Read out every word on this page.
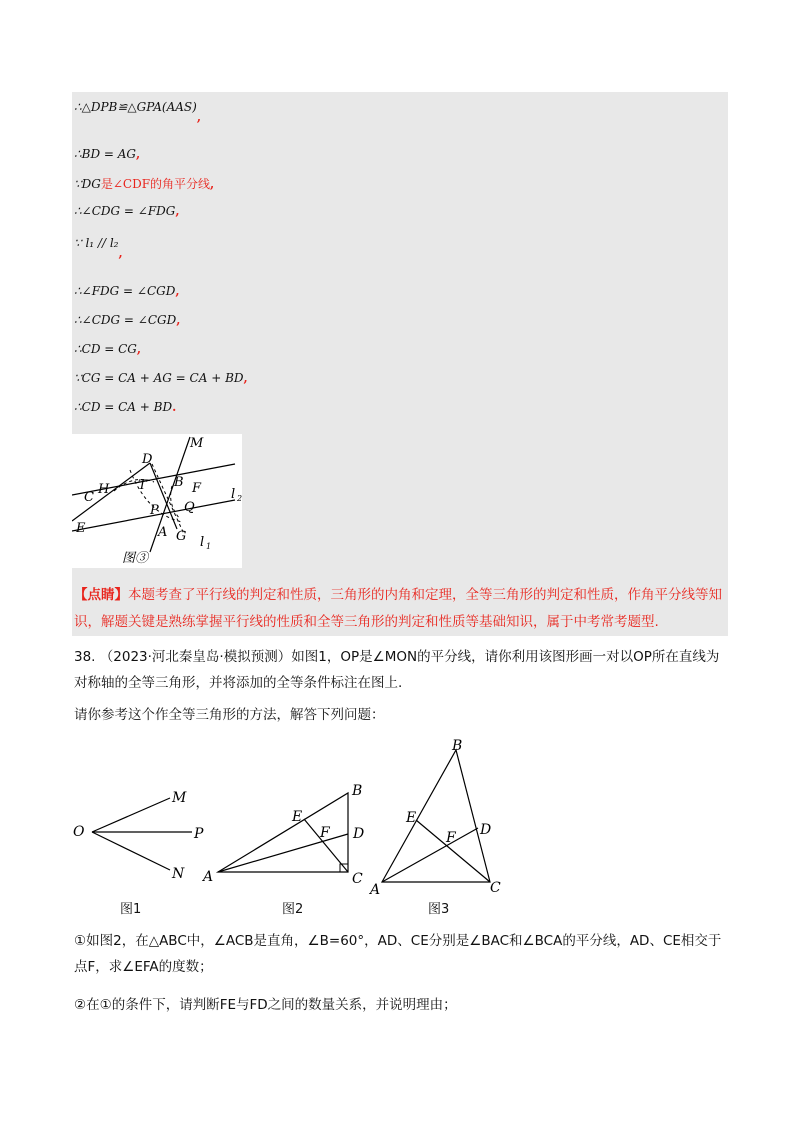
∴△DPB≌△GPA(AAS),
∴BD = AG,
∵DG是∠CDF的角平分线,
∴∠CDG = ∠FDG,
∵ l₁ // l₂,
∴∠FDG = ∠CGD,
∴∠CDG = ∠CGD,
∴CD = CG,
∵CG = CA + AG = CA + BD,
∴CD = CA + BD.
M
D
T B F
H
C
P Q
E	A G l 1
l 2
图③
【点睛】本题考查了平行线的判定和性质，三角形的内角和定理，全等三角形的判定和性质，作角平分线等知识，解题关键是熟练掌握平行线的性质和全等三角形的判定和性质等基础知识，属于中考常考题型.
38. （2023·河北秦皇岛·模拟预测）如图1，OP是∠MON的平分线，请你利用该图形画一对以OP所在直线为对称轴的全等三角形，并将添加的全等条件标注在图上.
请你参考这个作全等三角形的方法，解答下列问题：
O
M
P
N
图1
A
B
C
D
E
F
图2
A
B
C
D
E
F
图3
①如图2，在△ABC中，∠ACB是直角，∠B=60°，AD、CE分别是∠BAC和∠BCA的平分线，AD、CE相交于点F，求∠EFA的度数；
②在①的条件下，请判断FE与FD之间的数量关系，并说明理由；
